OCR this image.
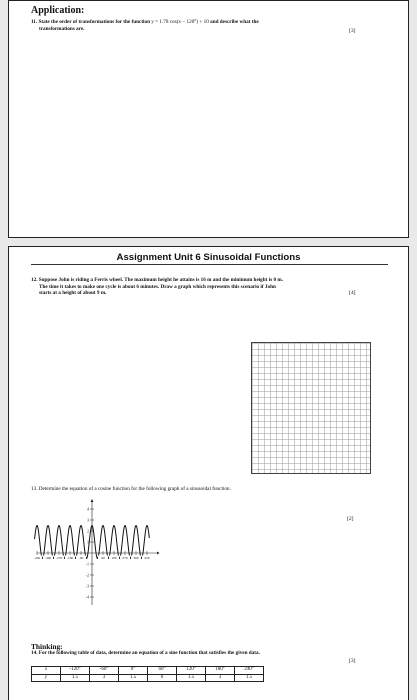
Application:
11. State the order of transformations for the function y = 1.78 cos(x − 120°) + 10 and describe what the
transformations are.	[3]
Assignment Unit 6 Sinusoidal Functions
12. Suppose John is riding a Ferris wheel. The maximum height he attains is 16 m and the minimum height is 0 m.
The time it takes to make one cycle is about 6 minutes. Draw a graph which represents this scenario if John
starts at a height of about 9 m.	[4]
13. Determine the equation of a cosine function for the following graph of a sinusoidal function.
[2]
4
3
2
1
-1
-2
-3
-4
-450 -360 -270 -180 -90	90 180 270 360 450
Thinking:
14. For the following table of data, determine an equation of a sine function that satisfies the given data.
[3]
x	-120°	-60°	0°	60°	120°	180°	240°
y	1.5	3	1.5	0	1.5	3	1.5
